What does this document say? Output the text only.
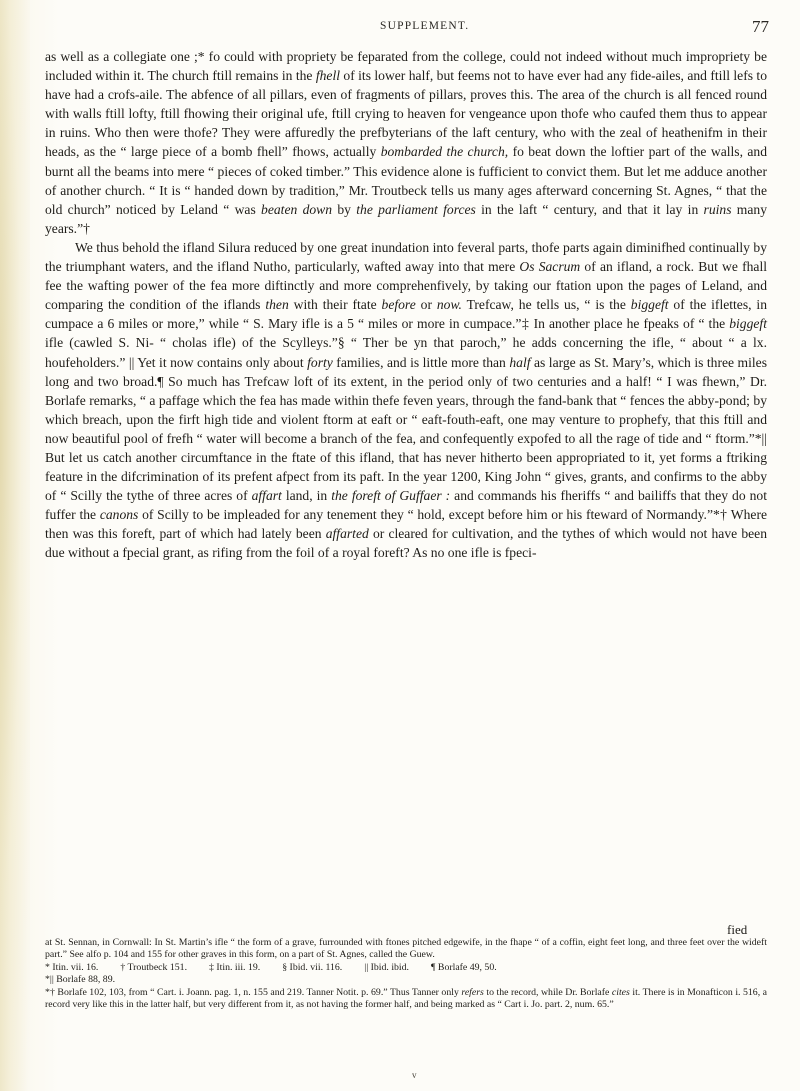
SUPPLEMENT.	77

as well as a collegiate one ;* fo could with propriety be feparated from the college, could not indeed without much impropriety be included within it. The church ftill remains in the fhell of its lower half, but feems not to have ever had any fide-ailes, and ftill lefs to have had a crofs-aile. The abfence of all pillars, even of fragments of pillars, proves this. The area of the church is all fenced round with walls ftill lofty, ftill fhowing their original ufe, ftill crying to heaven for vengeance upon thofe who caufed them thus to appear in ruins. Who then were thofe? They were affuredly the prefbyterians of the laft century, who with the zeal of heathenifm in their heads, as the “ large piece of a bomb fhell” fhows, actually bombarded the church, fo beat down the loftier part of the walls, and burnt all the beams into mere “ pieces of coked timber.” This evidence alone is fufficient to convict them. But let me adduce another of another church. “ It is “ handed down by tradition,” Mr. Troutbeck tells us many ages afterward concerning St. Agnes, “ that the old church” noticed by Leland “ was beaten down by the parliament forces in the laft “ century, and that it lay in ruins many years.”†

We thus behold the ifland Silura reduced by one great inundation into feveral parts, thofe parts again diminifhed continually by the triumphant waters, and the ifland Nutho, particularly, wafted away into that mere Os Sacrum of an ifland, a rock. But we fhall fee the wafting power of the fea more diftinctly and more comprehenfively, by taking our ftation upon the pages of Leland, and comparing the condition of the iflands then with their ftate before or now. Trefcaw, he tells us, “ is the biggeft of the iflettes, in cumpace a 6 miles or more,” while “ S. Mary ifle is a 5 “ miles or more in cumpace.”‡ In another place he fpeaks of “ the biggeft ifle (cawled S. Ni- “ cholas ifle) of the Scylleys.”§ “ Ther be yn that paroch,” he adds concerning the ifle, “ about “ a lx. houfeholders.” || Yet it now contains only about forty families, and is little more than half as large as St. Mary’s, which is three miles long and two broad.¶ So much has Trefcaw loft of its extent, in the period only of two centuries and a half! “ I was fhewn,” Dr. Borlafe remarks, “ a paffage which the fea has made within thefe feven years, through the fand-bank that “ fences the abby-pond; by which breach, upon the firft high tide and violent ftorm at eaft or “ eaft-fouth-eaft, one may venture to prophefy, that this ftill and now beautiful pool of frefh “ water will become a branch of the fea, and confequently expofed to all the rage of tide and “ ftorm.”*|| But let us catch another circumftance in the ftate of this ifland, that has never hitherto been appropriated to it, yet forms a ftriking feature in the difcrimination of its prefent afpect from its paft. In the year 1200, King John “ gives, grants, and confirms to the abby of “ Scilly the tythe of three acres of affart land, in the foreft of Guffaer : and commands his fheriffs “ and bailiffs that they do not fuffer the canons of Scilly to be impleaded for any tenement they “ hold, except before him or his fteward of Normandy.”*† Where then was this foreft, part of which had lately been affarted or cleared for cultivation, and the tythes of which would not have been due without a fpecial grant, as rifing from the foil of a royal foreft? As no one ifle is fpeci-

fied

at St. Sennan, in Cornwall: In St. Martin’s ifle “ the form of a grave, furrounded with ftones pitched edgewife, in the fhape “ of a coffin, eight feet long, and three feet over the wideft part.” See alfo p. 104 and 155 for other graves in this form, on a part of St. Agnes, called the Guew.

* Itin. vii. 16. † Troutbeck 151. ‡ Itin. iii. 19. § Ibid. vii. 116. || Ibid. ibid. ¶ Borlafe 49, 50.

*|| Borlafe 88, 89.

*† Borlafe 102, 103, from “ Cart. i. Joann. pag. 1, n. 155 and 219. Tanner Notit. p. 69.” Thus Tanner only refers to the record, while Dr. Borlafe cites it. There is in Monafticon i. 516, a record very like this in the latter half, but very different from it, as not having the former half, and being marked as “ Cart i. Jo. part. 2, num. 65.”

v
